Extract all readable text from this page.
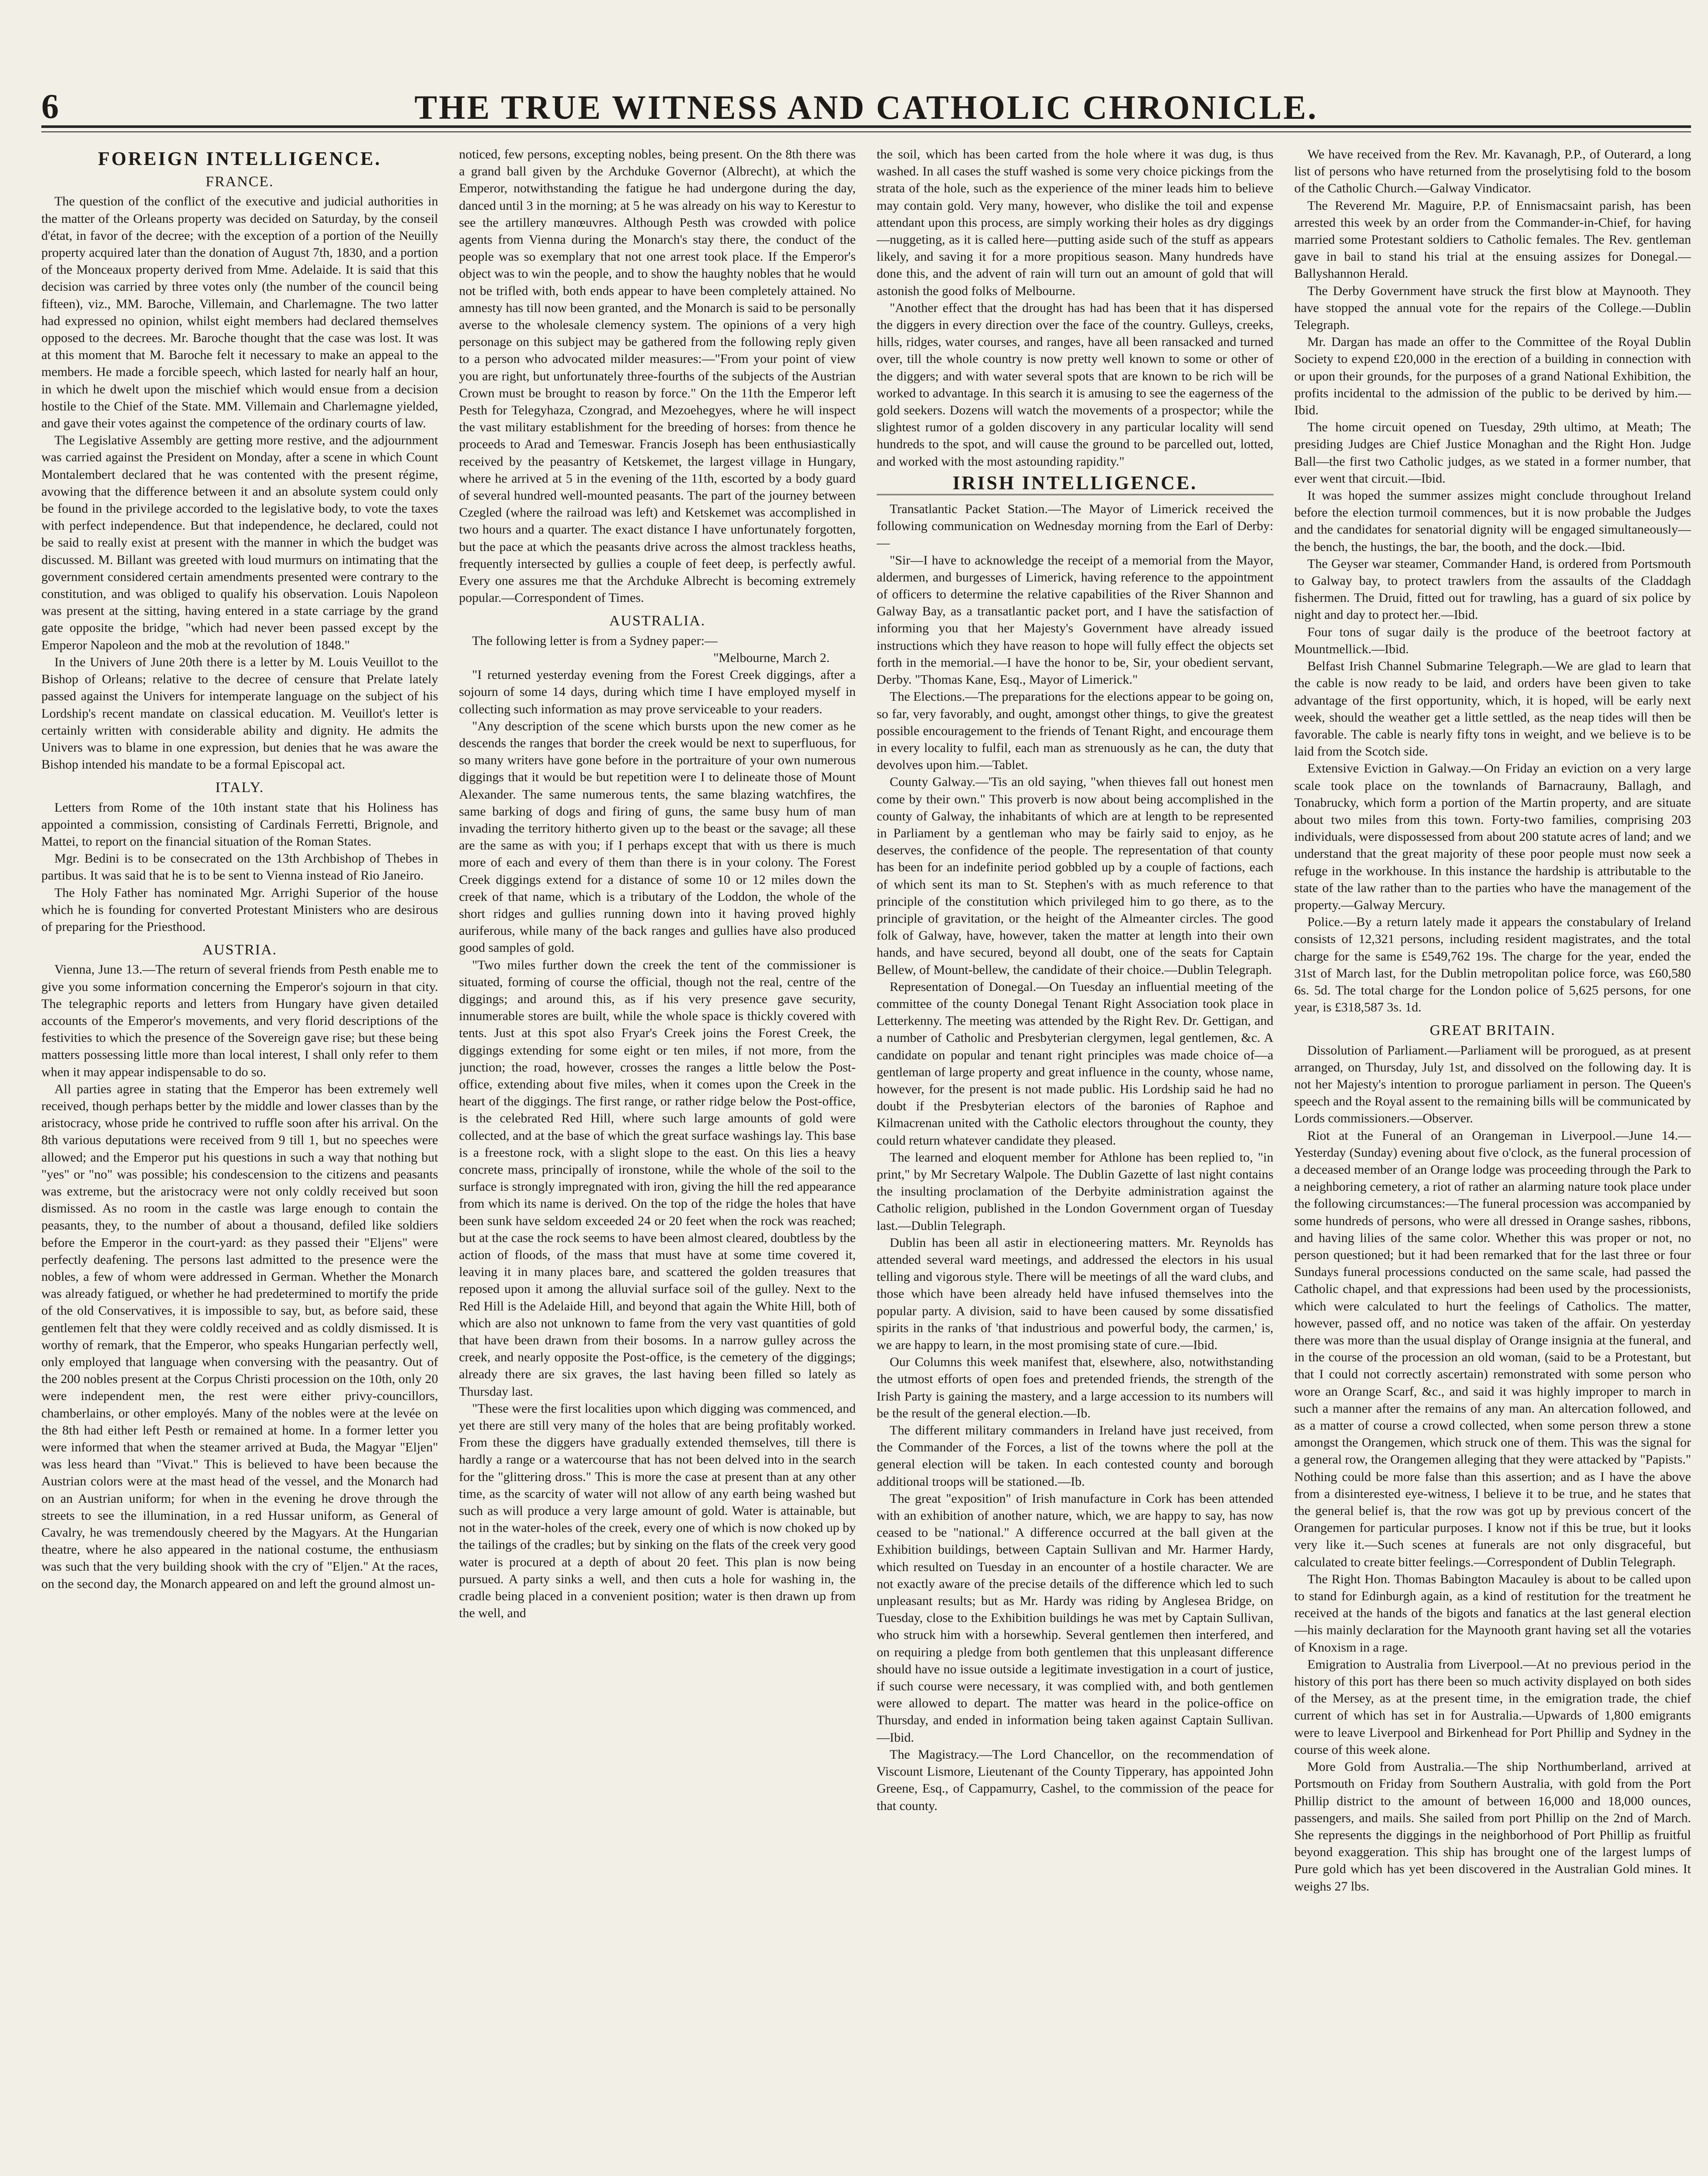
6	THE TRUE WITNESS AND CATHOLIC CHRONICLE.
FOREIGN INTELLIGENCE.
FRANCE.

The question of the conflict of the executive and judicial authorities in the matter of the Orleans property was decided on Saturday, by the conseil d'état, in favor of the decree; with the exception of a portion of the Neuilly property acquired later than the donation of August 7th, 1830, and a portion of the Monceaux property derived from Mme. Adelaide. It is said that this decision was carried by three votes only (the number of the council being fifteen), viz., MM. Baroche, Villemain, and Charlemagne. The two latter had expressed no opinion, whilst eight members had declared themselves opposed to the decrees. Mr. Baroche thought that the case was lost. It was at this moment that M. Baroche felt it necessary to make an appeal to the members. He made a forcible speech, which lasted for nearly half an hour, in which he dwelt upon the mischief which would ensue from a decision hostile to the Chief of the State. MM. Villemain and Charlemagne yielded, and gave their votes against the competence of the ordinary courts of law.

The Legislative Assembly are getting more restive, and the adjournment was carried against the President on Monday, after a scene in which Count Montalembert declared that he was contented with the present régime, avowing that the difference between it and an absolute system could only be found in the privilege accorded to the legislative body, to vote the taxes with perfect independence. But that independence, he declared, could not be said to really exist at present with the manner in which the budget was discussed. M. Billant was greeted with loud murmurs on intimating that the government considered certain amendments presented were contrary to the constitution, and was obliged to qualify his observation. Louis Napoleon was present at the sitting, having entered in a state carriage by the grand gate opposite the bridge, "which had never been passed except by the Emperor Napoleon and the mob at the revolution of 1848."

In the Univers of June 20th there is a letter by M. Louis Veuillot to the Bishop of Orleans; relative to the decree of censure that Prelate lately passed against the Univers for intemperate language on the subject of his Lordship's recent mandate on classical education. M. Veuillot's letter is certainly written with considerable ability and dignity. He admits the Univers was to blame in one expression, but denies that he was aware the Bishop intended his mandate to be a formal Episcopal act.

ITALY.

Letters from Rome of the 10th instant state that his Holiness has appointed a commission, consisting of Cardinals Ferretti, Brignole, and Mattei, to report on the financial situation of the Roman States.

Mgr. Bedini is to be consecrated on the 13th Archbishop of Thebes in partibus. It was said that he is to be sent to Vienna instead of Rio Janeiro.

The Holy Father has nominated Mgr. Arrighi Superior of the house which he is founding for converted Protestant Ministers who are desirous of preparing for the Priesthood.

AUSTRIA.

Vienna, June 13.—The return of several friends from Pesth enable me to give you some information concerning the Emperor's sojourn in that city. The telegraphic reports and letters from Hungary have given detailed accounts of the Emperor's movements, and very florid descriptions of the festivities to which the presence of the Sovereign gave rise; but these being matters possessing little more than local interest, I shall only refer to them when it may appear indispensable to do so.

All parties agree in stating that the Emperor has been extremely well received, though perhaps better by the middle and lower classes than by the aristocracy, whose pride he contrived to ruffle soon after his arrival. On the 8th various deputations were received from 9 till 1, but no speeches were allowed; and the Emperor put his questions in such a way that nothing but "yes" or "no" was possible; his condescension to the citizens and peasants was extreme, but the aristocracy were not only coldly received but soon dismissed. As no room in the castle was large enough to contain the peasants, they, to the number of about a thousand, defiled like soldiers before the Emperor in the court-yard: as they passed their "Eljens" were perfectly deafening. The persons last admitted to the presence were the nobles, a few of whom were addressed in German. Whether the Monarch was already fatigued, or whether he had predetermined to mortify the pride of the old Conservatives, it is impossible to say, but, as before said, these gentlemen felt that they were coldly received and as coldly dismissed. It is worthy of remark, that the Emperor, who speaks Hungarian perfectly well, only employed that language when conversing with the peasantry. Out of the 200 nobles present at the Corpus Christi procession on the 10th, only 20 were independent men, the rest were either privy-councillors, chamberlains, or other employés. Many of the nobles were at the levée on the 8th had either left Pesth or remained at home. In a former letter you were informed that when the steamer arrived at Buda, the Magyar "Eljen" was less heard than "Vivat." This is believed to have been because the Austrian colors were at the mast head of the vessel, and the Monarch had on an Austrian uniform; for when in the evening he drove through the streets to see the illumination, in a red Hussar uniform, as General of Cavalry, he was tremendously cheered by the Magyars. At the Hungarian theatre, where he also appeared in the national costume, the enthusiasm was such that the very building shook with the cry of "Eljen." At the races, on the second day, the Monarch appeared on and left the ground almost un-

noticed, few persons, excepting nobles, being present. On the 8th there was a grand ball given by the Archduke Governor (Albrecht), at which the Emperor, notwithstanding the fatigue he had undergone during the day, danced until 3 in the morning; at 5 he was already on his way to Kerestur to see the artillery manœuvres. Although Pesth was crowded with police agents from Vienna during the Monarch's stay there, the conduct of the people was so exemplary that not one arrest took place. If the Emperor's object was to win the people, and to show the haughty nobles that he would not be trifled with, both ends appear to have been completely attained. No amnesty has till now been granted, and the Monarch is said to be personally averse to the wholesale clemency system. The opinions of a very high personage on this subject may be gathered from the following reply given to a person who advocated milder measures:—"From your point of view you are right, but unfortunately three-fourths of the subjects of the Austrian Crown must be brought to reason by force." On the 11th the Emperor left Pesth for Telegyhaza, Czongrad, and Mezoehegyes, where he will inspect the vast military establishment for the breeding of horses: from thence he proceeds to Arad and Temeswar. Francis Joseph has been enthusiastically received by the peasantry of Ketskemet, the largest village in Hungary, where he arrived at 5 in the evening of the 11th, escorted by a body guard of several hundred well-mounted peasants. The part of the journey between Czegled (where the railroad was left) and Ketskemet was accomplished in two hours and a quarter. The exact distance I have unfortunately forgotten, but the pace at which the peasants drive across the almost trackless heaths, frequently intersected by gullies a couple of feet deep, is perfectly awful. Every one assures me that the Archduke Albrecht is becoming extremely popular.—Correspondent of Times.

AUSTRALIA.

The following letter is from a Sydney paper:—

"Melbourne, March 2.

"I returned yesterday evening from the Forest Creek diggings, after a sojourn of some 14 days, during which time I have employed myself in collecting such information as may prove serviceable to your readers.

"Any description of the scene which bursts upon the new comer as he descends the ranges that border the creek would be next to superfluous, for so many writers have gone before in the portraiture of your own numerous diggings that it would be but repetition were I to delineate those of Mount Alexander. The same numerous tents, the same blazing watchfires, the same barking of dogs and firing of guns, the same busy hum of man invading the territory hitherto given up to the beast or the savage; all these are the same as with you; if I perhaps except that with us there is much more of each and every of them than there is in your colony. The Forest Creek diggings extend for a distance of some 10 or 12 miles down the creek of that name, which is a tributary of the Loddon, the whole of the short ridges and gullies running down into it having proved highly auriferous, while many of the back ranges and gullies have also produced good samples of gold.

"Two miles further down the creek the tent of the commissioner is situated, forming of course the official, though not the real, centre of the diggings; and around this, as if his very presence gave security, innumerable stores are built, while the whole space is thickly covered with tents. Just at this spot also Fryar's Creek joins the Forest Creek, the diggings extending for some eight or ten miles, if not more, from the junction; the road, however, crosses the ranges a little below the Post-office, extending about five miles, when it comes upon the Creek in the heart of the diggings. The first range, or rather ridge below the Post-office, is the celebrated Red Hill, where such large amounts of gold were collected, and at the base of which the great surface washings lay. This base is a freestone rock, with a slight slope to the east. On this lies a heavy concrete mass, principally of ironstone, while the whole of the soil to the surface is strongly impregnated with iron, giving the hill the red appearance from which its name is derived. On the top of the ridge the holes that have been sunk have seldom exceeded 24 or 20 feet when the rock was reached; but at the case the rock seems to have been almost cleared, doubtless by the action of floods, of the mass that must have at some time covered it, leaving it in many places bare, and scattered the golden treasures that reposed upon it among the alluvial surface soil of the gulley. Next to the Red Hill is the Adelaide Hill, and beyond that again the White Hill, both of which are also not unknown to fame from the very vast quantities of gold that have been drawn from their bosoms. In a narrow gulley across the creek, and nearly opposite the Post-office, is the cemetery of the diggings; already there are six graves, the last having been filled so lately as Thursday last.

"These were the first localities upon which digging was commenced, and yet there are still very many of the holes that are being profitably worked. From these the diggers have gradually extended themselves, till there is hardly a range or a watercourse that has not been delved into in the search for the "glittering dross." This is more the case at present than at any other time, as the scarcity of water will not allow of any earth being washed but such as will produce a very large amount of gold. Water is attainable, but not in the water-holes of the creek, every one of which is now choked up by the tailings of the cradles; but by sinking on the flats of the creek very good water is procured at a depth of about 20 feet. This plan is now being pursued. A party sinks a well, and then cuts a hole for washing in, the cradle being placed in a convenient position; water is then drawn up from the well, and

the soil, which has been carted from the hole where it was dug, is thus washed. In all cases the stuff washed is some very choice pickings from the strata of the hole, such as the experience of the miner leads him to believe may contain gold. Very many, however, who dislike the toil and expense attendant upon this process, are simply working their holes as dry diggings—nuggeting, as it is called here—putting aside such of the stuff as appears likely, and saving it for a more propitious season. Many hundreds have done this, and the advent of rain will turn out an amount of gold that will astonish the good folks of Melbourne.

"Another effect that the drought has had has been that it has dispersed the diggers in every direction over the face of the country. Gulleys, creeks, hills, ridges, water courses, and ranges, have all been ransacked and turned over, till the whole country is now pretty well known to some or other of the diggers; and with water several spots that are known to be rich will be worked to advantage. In this search it is amusing to see the eagerness of the gold seekers. Dozens will watch the movements of a prospector; while the slightest rumor of a golden discovery in any particular locality will send hundreds to the spot, and will cause the ground to be parcelled out, lotted, and worked with the most astounding rapidity."

IRISH INTELLIGENCE.

Transatlantic Packet Station.—The Mayor of Limerick received the following communication on Wednesday morning from the Earl of Derby:—

"Sir—I have to acknowledge the receipt of a memorial from the Mayor, aldermen, and burgesses of Limerick, having reference to the appointment of officers to determine the relative capabilities of the River Shannon and Galway Bay, as a transatlantic packet port, and I have the satisfaction of informing you that her Majesty's Government have already issued instructions which they have reason to hope will fully effect the objects set forth in the memorial.—I have the honor to be, Sir, your obedient servant, Derby. "Thomas Kane, Esq., Mayor of Limerick."

The Elections.—The preparations for the elections appear to be going on, so far, very favorably, and ought, amongst other things, to give the greatest possible encouragement to the friends of Tenant Right, and encourage them in every locality to fulfil, each man as strenuously as he can, the duty that devolves upon him.—Tablet.

County Galway.—'Tis an old saying, "when thieves fall out honest men come by their own." This proverb is now about being accomplished in the county of Galway, the inhabitants of which are at length to be represented in Parliament by a gentleman who may be fairly said to enjoy, as he deserves, the confidence of the people. The representation of that county has been for an indefinite period gobbled up by a couple of factions, each of which sent its man to St. Stephen's with as much reference to that principle of the constitution which privileged him to go there, as to the principle of gravitation, or the height of the Almeanter circles. The good folk of Galway, have, however, taken the matter at length into their own hands, and have secured, beyond all doubt, one of the seats for Captain Bellew, of Mount-bellew, the candidate of their choice.—Dublin Telegraph.

Representation of Donegal.—On Tuesday an influential meeting of the committee of the county Donegal Tenant Right Association took place in Letterkenny. The meeting was attended by the Right Rev. Dr. Gettigan, and a number of Catholic and Presbyterian clergymen, legal gentlemen, &c. A candidate on popular and tenant right principles was made choice of—a gentleman of large property and great influence in the county, whose name, however, for the present is not made public. His Lordship said he had no doubt if the Presbyterian electors of the baronies of Raphoe and Kilmacrenan united with the Catholic electors throughout the county, they could return whatever candidate they pleased.

The learned and eloquent member for Athlone has been replied to, "in print," by Mr Secretary Walpole. The Dublin Gazette of last night contains the insulting proclamation of the Derbyite administration against the Catholic religion, published in the London Government organ of Tuesday last.—Dublin Telegraph.

Dublin has been all astir in electioneering matters. Mr. Reynolds has attended several ward meetings, and addressed the electors in his usual telling and vigorous style. There will be meetings of all the ward clubs, and those which have been already held have infused themselves into the popular party. A division, said to have been caused by some dissatisfied spirits in the ranks of 'that industrious and powerful body, the carmen,' is, we are happy to learn, in the most promising state of cure.—Ibid.

Our Columns this week manifest that, elsewhere, also, notwithstanding the utmost efforts of open foes and pretended friends, the strength of the Irish Party is gaining the mastery, and a large accession to its numbers will be the result of the general election.—Ib.

The different military commanders in Ireland have just received, from the Commander of the Forces, a list of the towns where the poll at the general election will be taken. In each contested county and borough additional troops will be stationed.—Ib.

The great "exposition" of Irish manufacture in Cork has been attended with an exhibition of another nature, which, we are happy to say, has now ceased to be "national." A difference occurred at the ball given at the Exhibition buildings, between Captain Sullivan and Mr. Harmer Hardy, which resulted on Tuesday in an encounter of a hostile character. We are not exactly aware of the precise details of the difference which led to such unpleasant results; but as Mr. Hardy was riding by Anglesea Bridge, on Tuesday, close to the Exhibition buildings he was met by Captain Sullivan, who struck him with a horsewhip. Several gentlemen then interfered, and on requiring a pledge from both gentlemen that this unpleasant difference should have no issue outside a legitimate investigation in a court of justice, if such course were necessary, it was complied with, and both gentlemen were allowed to depart. The matter was heard in the police-office on Thursday, and ended in information being taken against Captain Sullivan.—Ibid.

The Magistracy.—The Lord Chancellor, on the recommendation of Viscount Lismore, Lieutenant of the County Tipperary, has appointed John Greene, Esq., of Cappamurry, Cashel, to the commission of the peace for that county.

We have received from the Rev. Mr. Kavanagh, P.P., of Outerard, a long list of persons who have returned from the proselytising fold to the bosom of the Catholic Church.—Galway Vindicator.

The Reverend Mr. Maguire, P.P. of Ennismacsaint parish, has been arrested this week by an order from the Commander-in-Chief, for having married some Protestant soldiers to Catholic females. The Rev. gentleman gave in bail to stand his trial at the ensuing assizes for Donegal.—Ballyshannon Herald.

The Derby Government have struck the first blow at Maynooth. They have stopped the annual vote for the repairs of the College.—Dublin Telegraph.

Mr. Dargan has made an offer to the Committee of the Royal Dublin Society to expend £20,000 in the erection of a building in connection with or upon their grounds, for the purposes of a grand National Exhibition, the profits incidental to the admission of the public to be derived by him.—Ibid.

The home circuit opened on Tuesday, 29th ultimo, at Meath; The presiding Judges are Chief Justice Monaghan and the Right Hon. Judge Ball—the first two Catholic judges, as we stated in a former number, that ever went that circuit.—Ibid.

It was hoped the summer assizes might conclude throughout Ireland before the election turmoil commences, but it is now probable the Judges and the candidates for senatorial dignity will be engaged simultaneously—the bench, the hustings, the bar, the booth, and the dock.—Ibid.

The Geyser war steamer, Commander Hand, is ordered from Portsmouth to Galway bay, to protect trawlers from the assaults of the Claddagh fishermen. The Druid, fitted out for trawling, has a guard of six police by night and day to protect her.—Ibid.

Four tons of sugar daily is the produce of the beetroot factory at Mountmellick.—Ibid.

Belfast Irish Channel Submarine Telegraph.—We are glad to learn that the cable is now ready to be laid, and orders have been given to take advantage of the first opportunity, which, it is hoped, will be early next week, should the weather get a little settled, as the neap tides will then be favorable. The cable is nearly fifty tons in weight, and we believe is to be laid from the Scotch side.

Extensive Eviction in Galway.—On Friday an eviction on a very large scale took place on the townlands of Barnacrauny, Ballagh, and Tonabrucky, which form a portion of the Martin property, and are situate about two miles from this town. Forty-two families, comprising 203 individuals, were dispossessed from about 200 statute acres of land; and we understand that the great majority of these poor people must now seek a refuge in the workhouse. In this instance the hardship is attributable to the state of the law rather than to the parties who have the management of the property.—Galway Mercury.

Police.—By a return lately made it appears the constabulary of Ireland consists of 12,321 persons, including resident magistrates, and the total charge for the same is £549,762 19s. The charge for the year, ended the 31st of March last, for the Dublin metropolitan police force, was £60,580 6s. 5d. The total charge for the London police of 5,625 persons, for one year, is £318,587 3s. 1d.

GREAT BRITAIN.

Dissolution of Parliament.—Parliament will be prorogued, as at present arranged, on Thursday, July 1st, and dissolved on the following day. It is not her Majesty's intention to prorogue parliament in person. The Queen's speech and the Royal assent to the remaining bills will be communicated by Lords commissioners.—Observer.

Riot at the Funeral of an Orangeman in Liverpool.—June 14.—Yesterday (Sunday) evening about five o'clock, as the funeral procession of a deceased member of an Orange lodge was proceeding through the Park to a neighboring cemetery, a riot of rather an alarming nature took place under the following circumstances:—The funeral procession was accompanied by some hundreds of persons, who were all dressed in Orange sashes, ribbons, and having lilies of the same color. Whether this was proper or not, no person questioned; but it had been remarked that for the last three or four Sundays funeral processions conducted on the same scale, had passed the Catholic chapel, and that expressions had been used by the processionists, which were calculated to hurt the feelings of Catholics. The matter, however, passed off, and no notice was taken of the affair. On yesterday there was more than the usual display of Orange insignia at the funeral, and in the course of the procession an old woman, (said to be a Protestant, but that I could not correctly ascertain) remonstrated with some person who wore an Orange Scarf, &c., and said it was highly improper to march in such a manner after the remains of any man. An altercation followed, and as a matter of course a crowd collected, when some person threw a stone amongst the Orangemen, which struck one of them. This was the signal for a general row, the Orangemen alleging that they were attacked by "Papists." Nothing could be more false than this assertion; and as I have the above from a disinterested eye-witness, I believe it to be true, and he states that the general belief is, that the row was got up by previous concert of the Orangemen for particular purposes. I know not if this be true, but it looks very like it.—Such scenes at funerals are not only disgraceful, but calculated to create bitter feelings.—Correspondent of Dublin Telegraph.

The Right Hon. Thomas Babington Macauley is about to be called upon to stand for Edinburgh again, as a kind of restitution for the treatment he received at the hands of the bigots and fanatics at the last general election—his mainly declaration for the Maynooth grant having set all the votaries of Knoxism in a rage.

Emigration to Australia from Liverpool.—At no previous period in the history of this port has there been so much activity displayed on both sides of the Mersey, as at the present time, in the emigration trade, the chief current of which has set in for Australia.—Upwards of 1,800 emigrants were to leave Liverpool and Birkenhead for Port Phillip and Sydney in the course of this week alone.

More Gold from Australia.—The ship Northumberland, arrived at Portsmouth on Friday from Southern Australia, with gold from the Port Phillip district to the amount of between 16,000 and 18,000 ounces, passengers, and mails. She sailed from port Phillip on the 2nd of March. She represents the diggings in the neighborhood of Port Phillip as fruitful beyond exaggeration. This ship has brought one of the largest lumps of Pure gold which has yet been discovered in the Australian Gold mines. It weighs 27 lbs.
